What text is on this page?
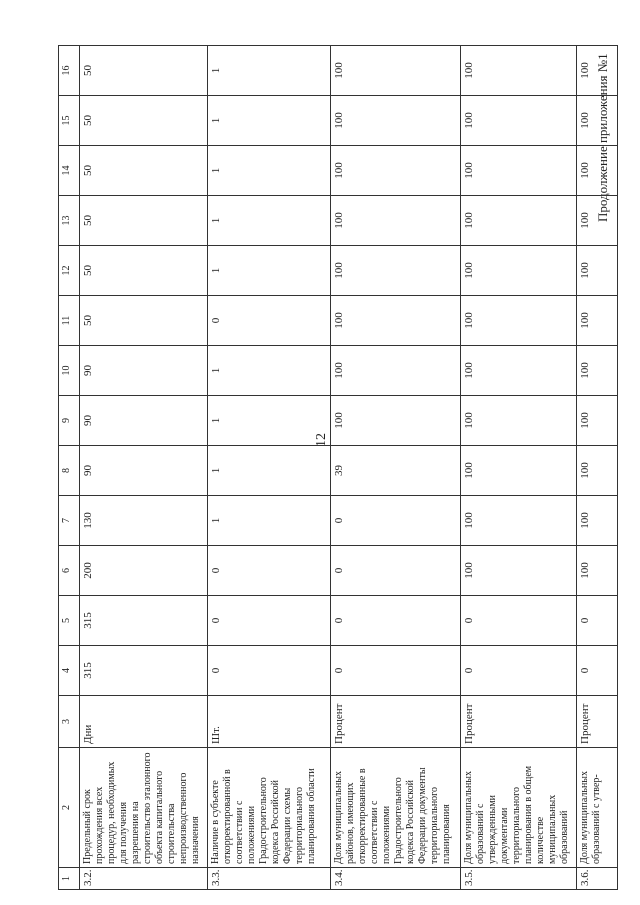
12
Продолжение приложения №1
1	2	3	4	5	6	7	8	9	10	11	12	13	14	15	16
3.2.	Предельный срок прохождения всех процедур, необходимых для получения разрешения на строительство эталонного объекта капитального строительства непроизводственного назначения	Дни	315	315	200	130	90	90	90	50	50	50	50	50	50
3.3.	Наличие в субъекте откорректированной в соответствии с положениями Градостроительного кодекса Российской Федерации схемы территориального планирования области	Шт.	0	0	0	1	1	1	1	0	1	1	1	1	1
3.4.	Доля муниципальных районов, имеющих откорректированные в соответствии с положениями Градостроительного кодекса Российской Федерации документы территориального планирования	Процент	0	0	0	0	39	100	100	100	100	100	100	100	100
3.5.	Доля муниципальных образований с утвержденными документами территориального планирования в общем количестве муниципальных образований	Процент	0	0	100	100	100	100	100	100	100	100	100	100	100
3.6.	Доля муниципальных образований с утвер-	Процент	0	0	100	100	100	100	100	100	100	100	100	100	100
